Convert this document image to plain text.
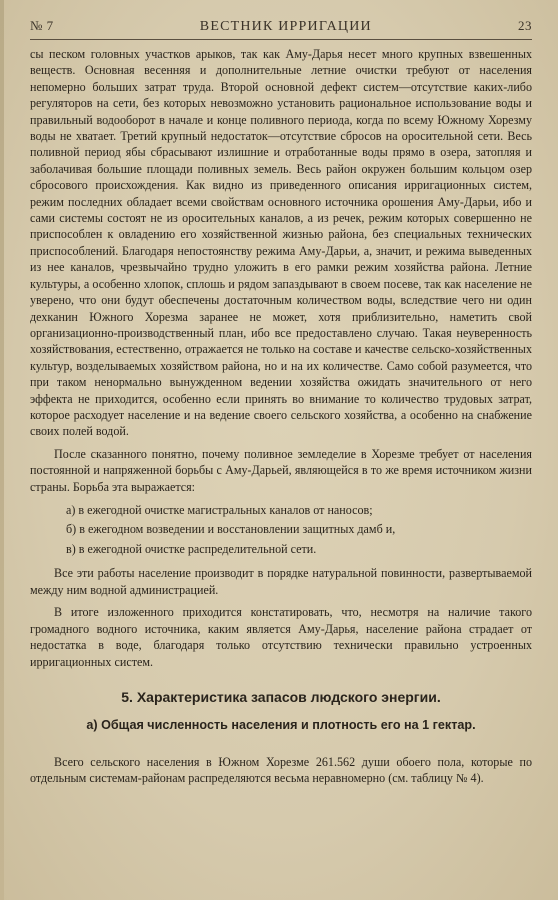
№ 7	ВЕСТНИК ИРРИГАЦИИ	23

сы песком головных участков арыков, так как Аму-Дарья несет много крупных взвешенных веществ. Основная весенняя и дополнительные летние очистки требуют от населения непомерно больших затрат труда. Второй основной дефект систем—отсутствие каких-либо регуляторов на сети, без которых невозможно установить рациональное использование воды и правильный водооборот в начале и конце поливного периода, когда по всему Южному Хорезму воды не хватает. Третий крупный недостаток—отсутствие сбросов на оросительной сети. Весь поливной период ябы сбрасывают излишние и отработанные воды прямо в озера, затопляя и заболачивая большие площади поливных земель. Весь район окружен большим кольцом озер сбросового происхождения. Как видно из приведенного описания ирригационных систем, режим последних обладает всеми свойствам основного источника орошения Аму-Дарьи, ибо и сами системы состоят не из оросительных каналов, а из речек, режим которых совершенно не приспособлен к овладению его хозяйственной жизнью района, без специальных технических приспособлений. Благодаря непостоянству режима Аму-Дарьи, а, значит, и режима выведенных из нее каналов, чрезвычайно трудно уложить в его рамки режим хозяйства района. Летние культуры, а особенно хлопок, сплошь и рядом запаздывают в своем посеве, так как население не уверено, что они будут обеспечены достаточным количеством воды, вследствие чего ни один дехканин Южного Хорезма заранее не может, хотя приблизительно, наметить свой организационно-производственный план, ибо все предоставлено случаю. Такая неуверенность хозяйствования, естественно, отражается не только на составе и качестве сельско-хозяйственных культур, возделываемых хозяйством района, но и на их количестве. Само собой разумеется, что при таком ненормально вынужденном ведении хозяйства ожидать значительного от него эффекта не приходится, особенно если принять во внимание то количество трудовых затрат, которое расходует население и на ведение своего сельского хозяйства, а особенно на снабжение своих полей водой.

После сказанного понятно, почему поливное земледелие в Хорезме требует от населения постоянной и напряженной борьбы с Аму-Дарьей, являющейся в то же время источником жизни страны. Борьба эта выражается:

а) в ежегодной очистке магистральных каналов от наносов;
б) в ежегодном возведении и восстановлении защитных дамб и,
в) в ежегодной очистке распределительной сети.

Все эти работы население производит в порядке натуральной повинности, развертываемой между ним водной администрацией.

В итоге изложенного приходится констатировать, что, несмотря на наличие такого громадного водного источника, каким является Аму-Дарья, население района страдает от недостатка в воде, благодаря только отсутствию технически правильно устроенных ирригационных систем.

5. Характеристика запасов людского энергии.
а) Общая численность населения и плотность его на 1 гектар.

Всего сельского населения в Южном Хорезме 261.562 души обоего пола, которые по отдельным системам-районам распределяются весьма неравномерно (см. таблицу № 4).
